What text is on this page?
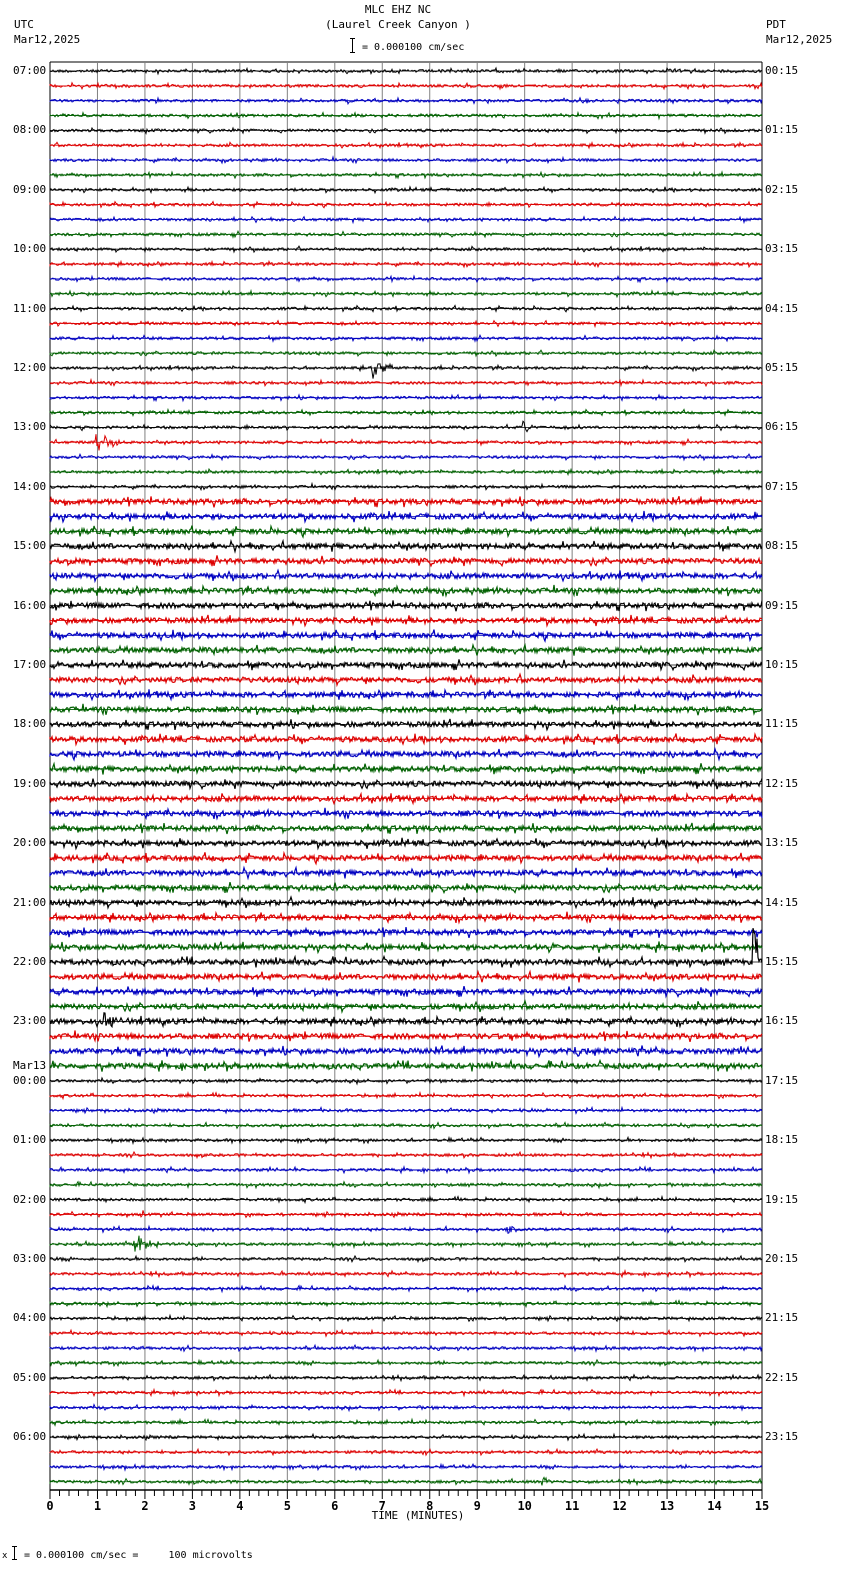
MLC EHZ NC
(Laurel Creek Canyon )
UTC
Mar12,2025
PDT
Mar12,2025
= 0.000100 cm/sec
0	1	2	3	4	5	6	7	8	9	10	11	12	13	14	15
07:00
08:00
09:00
10:00
11:00
12:00
13:00
14:00
15:00
16:00
17:00
18:00
19:00
20:00
21:00
22:00
23:00
Mar13
00:00
01:00
02:00
03:00
04:00
05:00
06:00
00:15
01:15
02:15
03:15
04:15
05:15
06:15
07:15
08:15
09:15
10:15
11:15
12:15
13:15
14:15
15:15
16:15
17:15
18:15
19:15
20:15
21:15
22:15
23:15
TIME (MINUTES)
x = 0.000100 cm/sec =     100 microvolts
